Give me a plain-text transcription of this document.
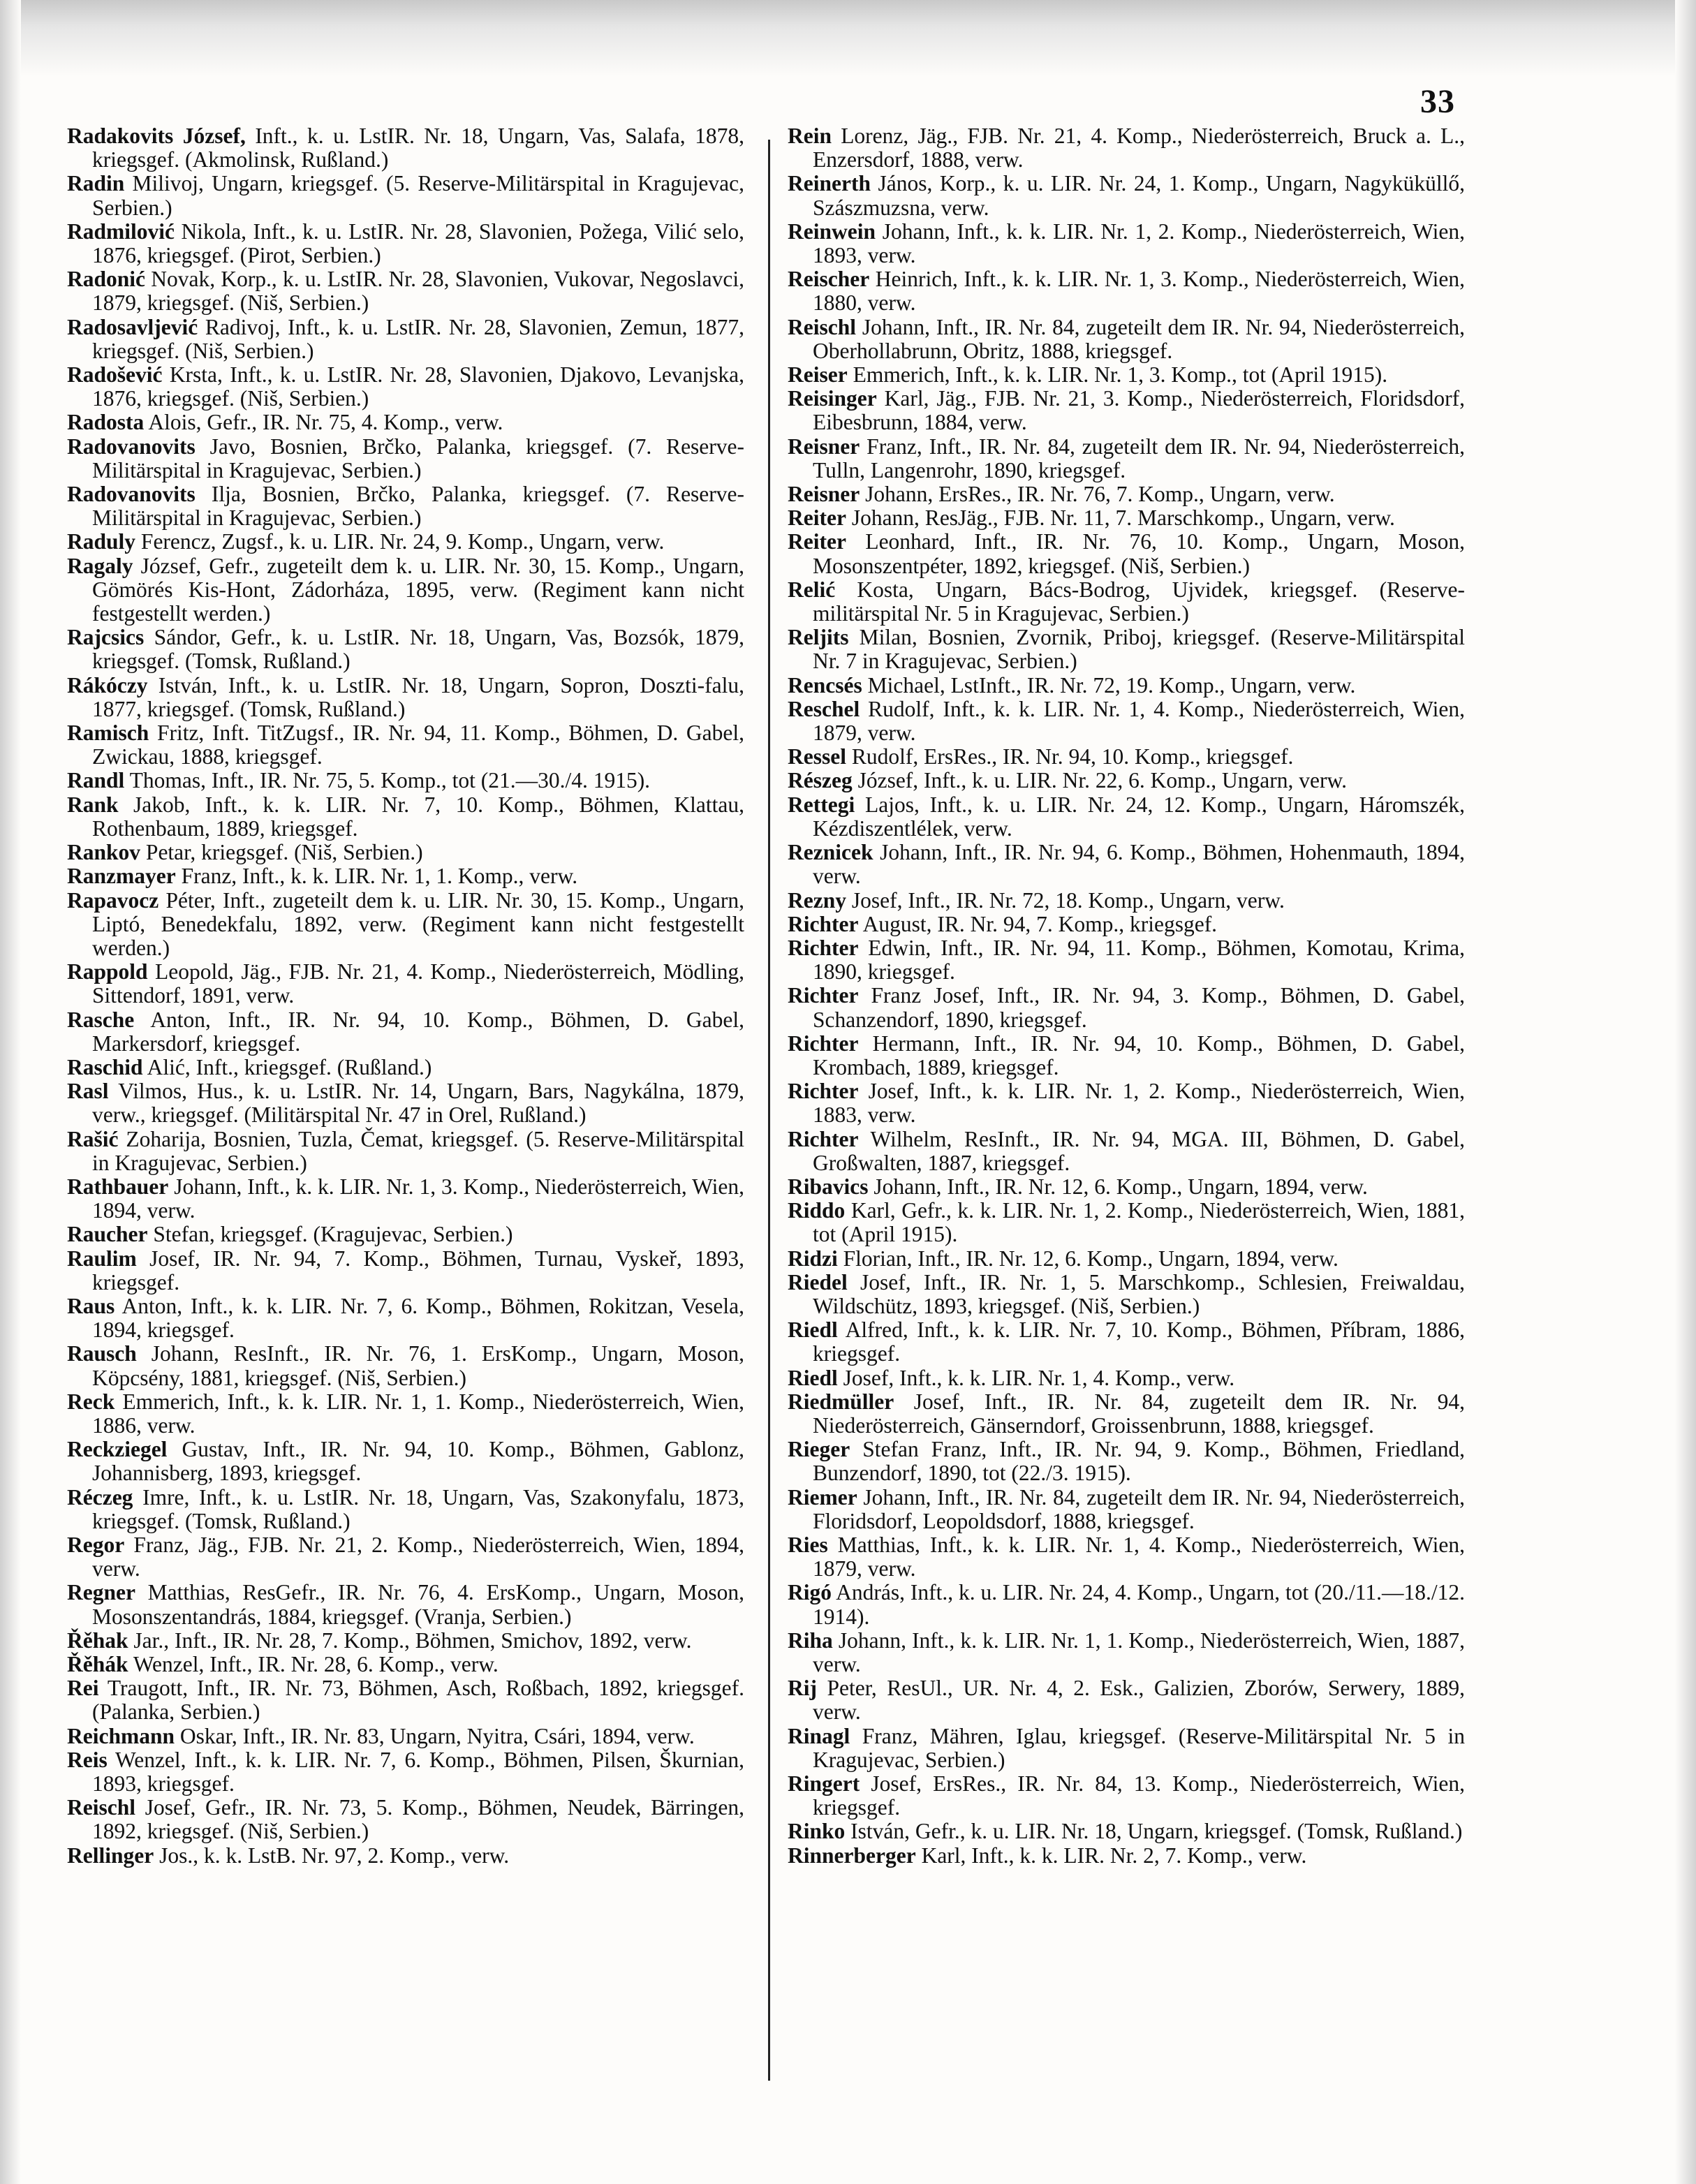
33
Radakovits József, Inft., k. u. LstIR. Nr. 18, Ungarn, Vas, Salafa, 1878, kriegsgef. (Akmolinsk, Rußland.)
Radin Milivoj, Ungarn, kriegsgef. (5. Reserve-Militärspital in Kragujevac, Serbien.)
Radmilović Nikola, Inft., k. u. LstIR. Nr. 28, Slavonien, Požega, Vilić selo, 1876, kriegsgef. (Pirot, Serbien.)
Radonić Novak, Korp., k. u. LstIR. Nr. 28, Slavonien, Vukovar, Negoslavci, 1879, kriegsgef. (Niš, Serbien.)
Radosavljević Radivoj, Inft., k. u. LstIR. Nr. 28, Slavonien, Zemun, 1877, kriegsgef. (Niš, Serbien.)
Radošević Krsta, Inft., k. u. LstIR. Nr. 28, Slavonien, Djakovo, Levanjska, 1876, kriegsgef. (Niš, Serbien.)
Radosta Alois, Gefr., IR. Nr. 75, 4. Komp., verw.
Radovanovits Javo, Bosnien, Brčko, Palanka, kriegsgef. (7. Reserve-Militärspital in Kragujevac, Serbien.)
Radovanovits Ilja, Bosnien, Brčko, Palanka, kriegsgef. (7. Reserve-Militärspital in Kragujevac, Serbien.)
Raduly Ferencz, Zugsf., k. u. LIR. Nr. 24, 9. Komp., Ungarn, verw.
Ragaly József, Gefr., zugeteilt dem k. u. LIR. Nr. 30, 15. Komp., Ungarn, Gömörés Kis-Hont, Zádorháza, 1895, verw. (Regiment kann nicht festgestellt werden.)
Rajcsics Sándor, Gefr., k. u. LstIR. Nr. 18, Ungarn, Vas, Bozsók, 1879, kriegsgef. (Tomsk, Rußland.)
Rákóczy István, Inft., k. u. LstIR. Nr. 18, Ungarn, Sopron, Doszti-falu, 1877, kriegsgef. (Tomsk, Rußland.)
Ramisch Fritz, Inft. TitZugsf., IR. Nr. 94, 11. Komp., Böhmen, D. Gabel, Zwickau, 1888, kriegsgef.
Randl Thomas, Inft., IR. Nr. 75, 5. Komp., tot (21.—30./4. 1915).
Rank Jakob, Inft., k. k. LIR. Nr. 7, 10. Komp., Böhmen, Klattau, Rothenbaum, 1889, kriegsgef.
Rankov Petar, kriegsgef. (Niš, Serbien.)
Ranzmayer Franz, Inft., k. k. LIR. Nr. 1, 1. Komp., verw.
Rapavocz Péter, Inft., zugeteilt dem k. u. LIR. Nr. 30, 15. Komp., Ungarn, Liptó, Benedekfalu, 1892, verw. (Regiment kann nicht festgestellt werden.)
Rappold Leopold, Jäg., FJB. Nr. 21, 4. Komp., Niederösterreich, Mödling, Sittendorf, 1891, verw.
Rasche Anton, Inft., IR. Nr. 94, 10. Komp., Böhmen, D. Gabel, Markersdorf, kriegsgef.
Raschid Alić, Inft., kriegsgef. (Rußland.)
Rasl Vilmos, Hus., k. u. LstIR. Nr. 14, Ungarn, Bars, Nagykálna, 1879, verw., kriegsgef. (Militärspital Nr. 47 in Orel, Rußland.)
Rašić Zoharija, Bosnien, Tuzla, Čemat, kriegsgef. (5. Reserve-Militärspital in Kragujevac, Serbien.)
Rathbauer Johann, Inft., k. k. LIR. Nr. 1, 3. Komp., Niederösterreich, Wien, 1894, verw.
Raucher Stefan, kriegsgef. (Kragujevac, Serbien.)
Raulim Josef, IR. Nr. 94, 7. Komp., Böhmen, Turnau, Vyskeř, 1893, kriegsgef.
Raus Anton, Inft., k. k. LIR. Nr. 7, 6. Komp., Böhmen, Rokitzan, Vesela, 1894, kriegsgef.
Rausch Johann, ResInft., IR. Nr. 76, 1. ErsKomp., Ungarn, Moson, Köpcsény, 1881, kriegsgef. (Niš, Serbien.)
Reck Emmerich, Inft., k. k. LIR. Nr. 1, 1. Komp., Niederösterreich, Wien, 1886, verw.
Reckziegel Gustav, Inft., IR. Nr. 94, 10. Komp., Böhmen, Gablonz, Johannisberg, 1893, kriegsgef.
Réczeg Imre, Inft., k. u. LstIR. Nr. 18, Ungarn, Vas, Szakonyfalu, 1873, kriegsgef. (Tomsk, Rußland.)
Regor Franz, Jäg., FJB. Nr. 21, 2. Komp., Niederösterreich, Wien, 1894, verw.
Regner Matthias, ResGefr., IR. Nr. 76, 4. ErsKomp., Ungarn, Moson, Mosonszentandrás, 1884, kriegsgef. (Vranja, Serbien.)
Řěhak Jar., Inft., IR. Nr. 28, 7. Komp., Böhmen, Smichov, 1892, verw.
Řěhák Wenzel, Inft., IR. Nr. 28, 6. Komp., verw.
Rei Traugott, Inft., IR. Nr. 73, Böhmen, Asch, Roßbach, 1892, kriegsgef. (Palanka, Serbien.)
Reichmann Oskar, Inft., IR. Nr. 83, Ungarn, Nyitra, Csári, 1894, verw.
Reis Wenzel, Inft., k. k. LIR. Nr. 7, 6. Komp., Böhmen, Pilsen, Škurnian, 1893, kriegsgef.
Reischl Josef, Gefr., IR. Nr. 73, 5. Komp., Böhmen, Neudek, Bärringen, 1892, kriegsgef. (Niš, Serbien.)
Rellinger Jos., k. k. LstB. Nr. 97, 2. Komp., verw.
Rein Lorenz, Jäg., FJB. Nr. 21, 4. Komp., Niederösterreich, Bruck a. L., Enzersdorf, 1888, verw.
Reinerth János, Korp., k. u. LIR. Nr. 24, 1. Komp., Ungarn, Nagyküküllő, Szászmuzsna, verw.
Reinwein Johann, Inft., k. k. LIR. Nr. 1, 2. Komp., Niederösterreich, Wien, 1893, verw.
Reischer Heinrich, Inft., k. k. LIR. Nr. 1, 3. Komp., Niederösterreich, Wien, 1880, verw.
Reischl Johann, Inft., IR. Nr. 84, zugeteilt dem IR. Nr. 94, Niederösterreich, Oberhollabrunn, Obritz, 1888, kriegsgef.
Reiser Emmerich, Inft., k. k. LIR. Nr. 1, 3. Komp., tot (April 1915).
Reisinger Karl, Jäg., FJB. Nr. 21, 3. Komp., Niederösterreich, Floridsdorf, Eibesbrunn, 1884, verw.
Reisner Franz, Inft., IR. Nr. 84, zugeteilt dem IR. Nr. 94, Niederösterreich, Tulln, Langenrohr, 1890, kriegsgef.
Reisner Johann, ErsRes., IR. Nr. 76, 7. Komp., Ungarn, verw.
Reiter Johann, ResJäg., FJB. Nr. 11, 7. Marschkomp., Ungarn, verw.
Reiter Leonhard, Inft., IR. Nr. 76, 10. Komp., Ungarn, Moson, Mosonszentpéter, 1892, kriegsgef. (Niš, Serbien.)
Relić Kosta, Ungarn, Bács-Bodrog, Ujvidek, kriegsgef. (Reserve-militärspital Nr. 5 in Kragujevac, Serbien.)
Reljits Milan, Bosnien, Zvornik, Priboj, kriegsgef. (Reserve-Militärspital Nr. 7 in Kragujevac, Serbien.)
Rencsés Michael, LstInft., IR. Nr. 72, 19. Komp., Ungarn, verw.
Reschel Rudolf, Inft., k. k. LIR. Nr. 1, 4. Komp., Niederösterreich, Wien, 1879, verw.
Ressel Rudolf, ErsRes., IR. Nr. 94, 10. Komp., kriegsgef.
Részeg József, Inft., k. u. LIR. Nr. 22, 6. Komp., Ungarn, verw.
Rettegi Lajos, Inft., k. u. LIR. Nr. 24, 12. Komp., Ungarn, Háromszék, Kézdiszentlélek, verw.
Reznicek Johann, Inft., IR. Nr. 94, 6. Komp., Böhmen, Hohenmauth, 1894, verw.
Rezny Josef, Inft., IR. Nr. 72, 18. Komp., Ungarn, verw.
Richter August, IR. Nr. 94, 7. Komp., kriegsgef.
Richter Edwin, Inft., IR. Nr. 94, 11. Komp., Böhmen, Komotau, Krima, 1890, kriegsgef.
Richter Franz Josef, Inft., IR. Nr. 94, 3. Komp., Böhmen, D. Gabel, Schanzendorf, 1890, kriegsgef.
Richter Hermann, Inft., IR. Nr. 94, 10. Komp., Böhmen, D. Gabel, Krombach, 1889, kriegsgef.
Richter Josef, Inft., k. k. LIR. Nr. 1, 2. Komp., Niederösterreich, Wien, 1883, verw.
Richter Wilhelm, ResInft., IR. Nr. 94, MGA. III, Böhmen, D. Gabel, Großwalten, 1887, kriegsgef.
Ribavics Johann, Inft., IR. Nr. 12, 6. Komp., Ungarn, 1894, verw.
Riddo Karl, Gefr., k. k. LIR. Nr. 1, 2. Komp., Niederösterreich, Wien, 1881, tot (April 1915).
Ridzi Florian, Inft., IR. Nr. 12, 6. Komp., Ungarn, 1894, verw.
Riedel Josef, Inft., IR. Nr. 1, 5. Marschkomp., Schlesien, Freiwaldau, Wildschütz, 1893, kriegsgef. (Niš, Serbien.)
Riedl Alfred, Inft., k. k. LIR. Nr. 7, 10. Komp., Böhmen, Příbram, 1886, kriegsgef.
Riedl Josef, Inft., k. k. LIR. Nr. 1, 4. Komp., verw.
Riedmüller Josef, Inft., IR. Nr. 84, zugeteilt dem IR. Nr. 94, Niederösterreich, Gänserndorf, Groissenbrunn, 1888, kriegsgef.
Rieger Stefan Franz, Inft., IR. Nr. 94, 9. Komp., Böhmen, Friedland, Bunzendorf, 1890, tot (22./3. 1915).
Riemer Johann, Inft., IR. Nr. 84, zugeteilt dem IR. Nr. 94, Niederösterreich, Floridsdorf, Leopoldsdorf, 1888, kriegsgef.
Ries Matthias, Inft., k. k. LIR. Nr. 1, 4. Komp., Niederösterreich, Wien, 1879, verw.
Rigó András, Inft., k. u. LIR. Nr. 24, 4. Komp., Ungarn, tot (20./11.—18./12. 1914).
Riha Johann, Inft., k. k. LIR. Nr. 1, 1. Komp., Niederösterreich, Wien, 1887, verw.
Rij Peter, ResUl., UR. Nr. 4, 2. Esk., Galizien, Zborów, Serwery, 1889, verw.
Rinagl Franz, Mähren, Iglau, kriegsgef. (Reserve-Militärspital Nr. 5 in Kragujevac, Serbien.)
Ringert Josef, ErsRes., IR. Nr. 84, 13. Komp., Niederösterreich, Wien, kriegsgef.
Rinko István, Gefr., k. u. LIR. Nr. 18, Ungarn, kriegsgef. (Tomsk, Rußland.)
Rinnerberger Karl, Inft., k. k. LIR. Nr. 2, 7. Komp., verw.
